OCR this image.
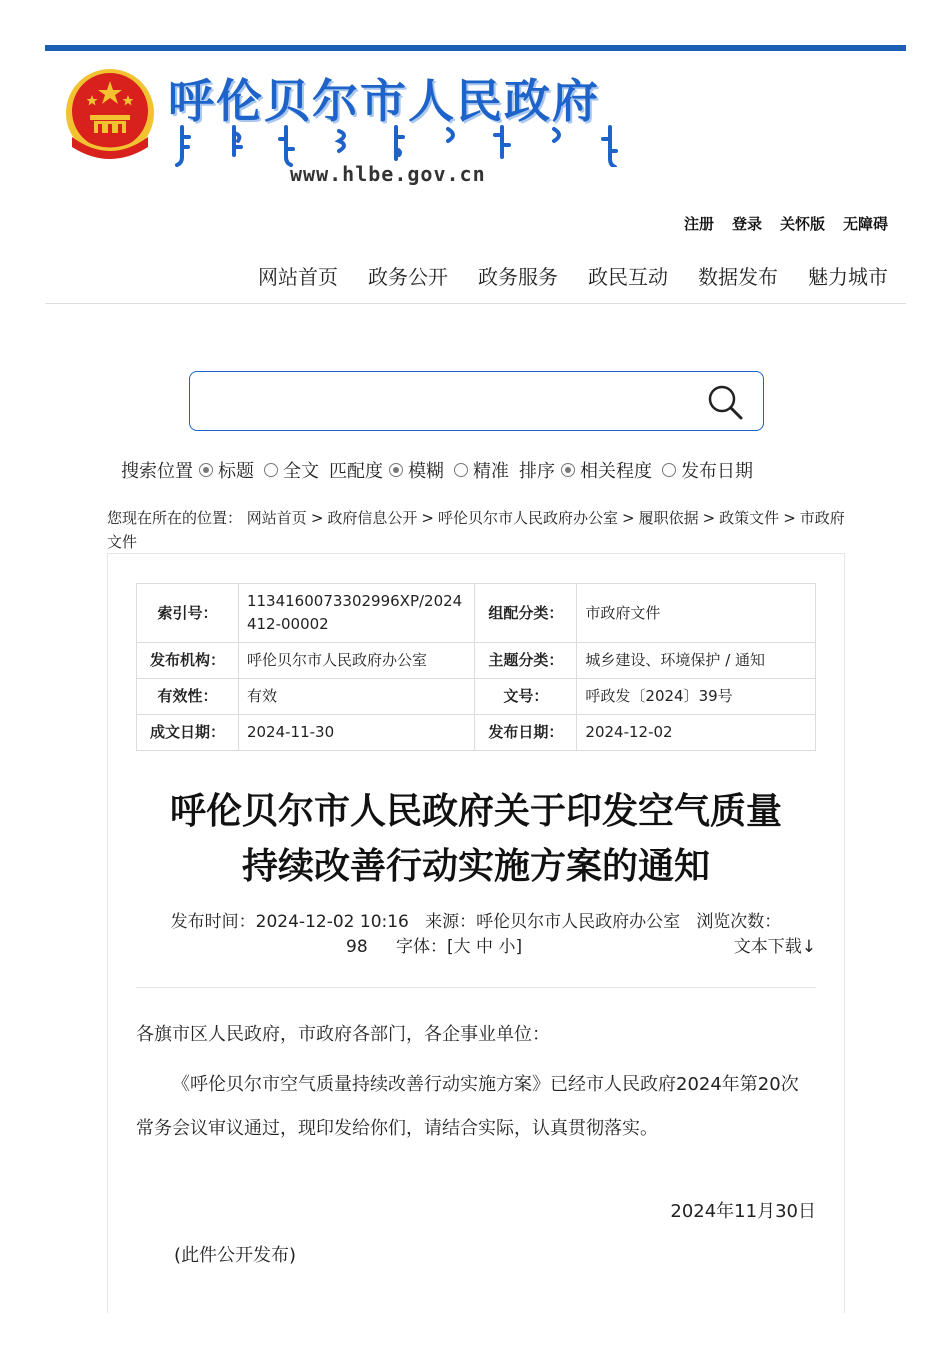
呼伦贝尔市人民政府
www.hlbe.gov.cn
注册 登录 关怀版 无障碍
网站首页 政务公开 政务服务 政民互动 数据发布 魅力城市
搜索位置 标题 全文 匹配度 模糊 精准 排序 相关程度 发布日期
您现在所在的位置： 网站首页 > 政府信息公开 > 呼伦贝尔市人民政府办公室 > 履职依据 > 政策文件 > 市政府文件
索引号：	1134160073302996XP/2024412-00002	组配分类：	市政府文件
发布机构：	呼伦贝尔市人民政府办公室	主题分类：	城乡建设、环境保护 / 通知
有效性：	有效	文号：	呼政发〔2024〕39号
成文日期：	2024-11-30	发布日期：	2024-12-02
呼伦贝尔市人民政府关于印发空气质量
持续改善行动实施方案的通知
发布时间：2024-12-02 10:16 来源：呼伦贝尔市人民政府办公室 浏览次数：
98 字体：[大 中 小]	文本下载↓

各旗市区人民政府，市政府各部门，各企事业单位：

《呼伦贝尔市空气质量持续改善行动实施方案》已经市人民政府2024年第20次常务会议审议通过，现印发给你们，请结合实际，认真贯彻落实。

2024年11月30日
(此件公开发布)
